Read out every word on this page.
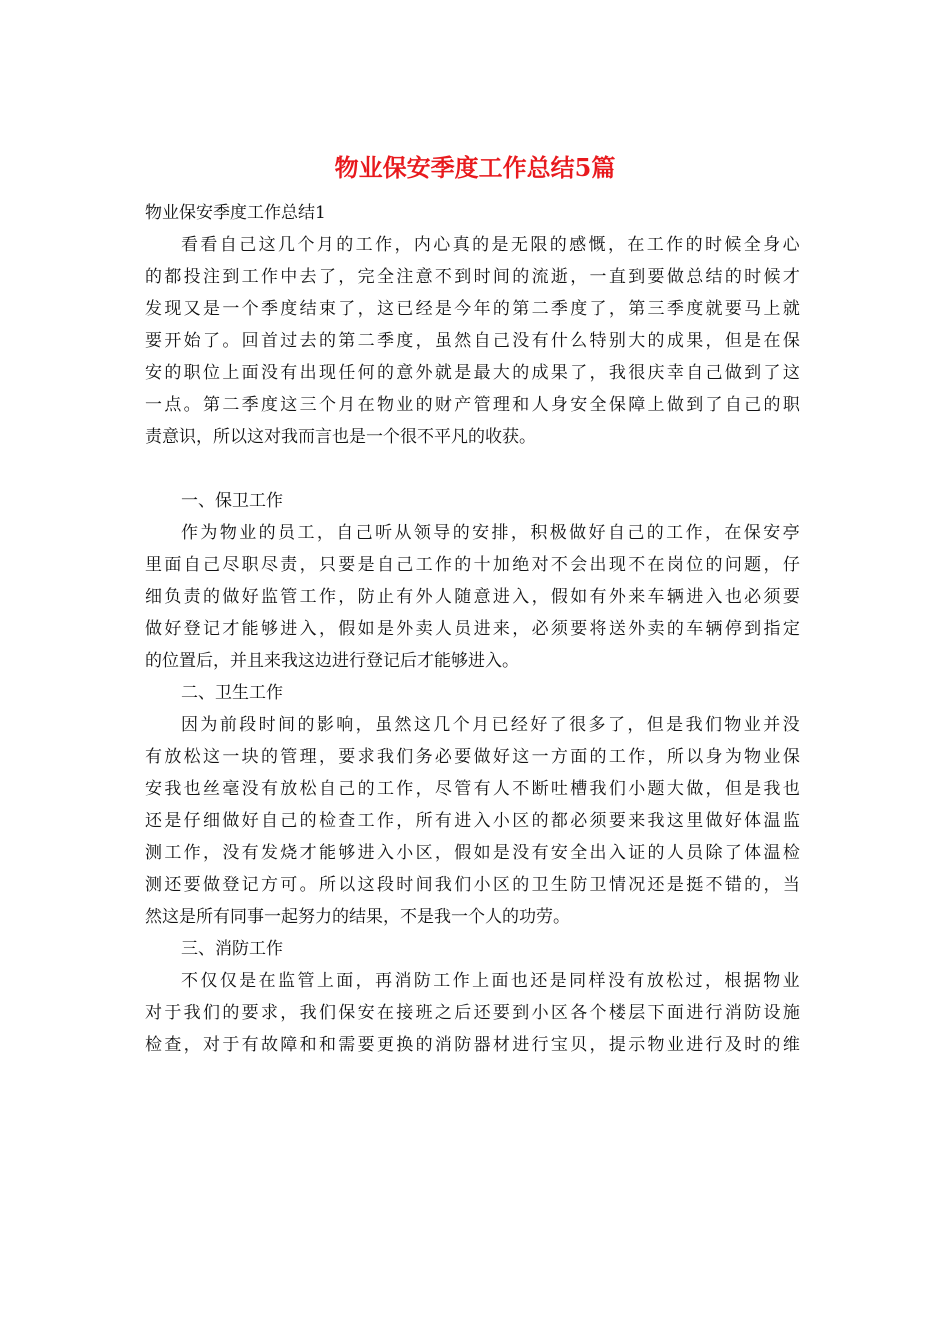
物业保安季度工作总结5篇
物业保安季度工作总结1
看 看 自 己 这 几 个 月 的 工 作 ， 内 心 真 的 是 无 限 的 感 慨 ， 在 工 作 的 时 候 全 身 心
的 都 投 注 到 工 作 中 去 了 ， 完 全 注 意 不 到 时 间 的 流 逝 ， 一 直 到 要 做 总 结 的 时 候 才
发 现 又 是 一 个 季 度 结 束 了 ， 这 已 经 是 今 年 的 第 二 季 度 了 ， 第 三 季 度 就 要 马 上 就
要 开 始 了 。 回 首 过 去 的 第 二 季 度 ， 虽 然 自 己 没 有 什 么 特 别 大 的 成 果 ， 但 是 在 保
安 的 职 位 上 面 没 有 出 现 任 何 的 意 外 就 是 最 大 的 成 果 了 ， 我 很 庆 幸 自 己 做 到 了 这
一 点 。 第 二 季 度 这 三 个 月 在 物 业 的 财 产 管 理 和 人 身 安 全 保 障 上 做 到 了 自 己 的 职
责意识，所以这对我而言也是一个很不平凡的收获。
一、保卫工作
作 为 物 业 的 员 工 ， 自 己 听 从 领 导 的 安 排 ， 积 极 做 好 自 己 的 工 作 ， 在 保 安 亭
里 面 自 己 尽 职 尽 责 ， 只 要 是 自 己 工 作 的 十 加 绝 对 不 会 出 现 不 在 岗 位 的 问 题 ， 仔
细 负 责 的 做 好 监 管 工 作 ， 防 止 有 外 人 随 意 进 入 ， 假 如 有 外 来 车 辆 进 入 也 必 须 要
做 好 登 记 才 能 够 进 入 ， 假 如 是 外 卖 人 员 进 来 ， 必 须 要 将 送 外 卖 的 车 辆 停 到 指 定
的位置后，并且来我这边进行登记后才能够进入。
二、卫生工作
因 为 前 段 时 间 的 影 响 ， 虽 然 这 几 个 月 已 经 好 了 很 多 了 ， 但 是 我 们 物 业 并 没
有 放 松 这 一 块 的 管 理 ， 要 求 我 们 务 必 要 做 好 这 一 方 面 的 工 作 ， 所 以 身 为 物 业 保
安 我 也 丝 毫 没 有 放 松 自 己 的 工 作 ， 尽 管 有 人 不 断 吐 槽 我 们 小 题 大 做 ， 但 是 我 也
还 是 仔 细 做 好 自 己 的 检 查 工 作 ， 所 有 进 入 小 区 的 都 必 须 要 来 我 这 里 做 好 体 温 监
测 工 作 ， 没 有 发 烧 才 能 够 进 入 小 区 ， 假 如 是 没 有 安 全 出 入 证 的 人 员 除 了 体 温 检
测 还 要 做 登 记 方 可 。 所 以 这 段 时 间 我 们 小 区 的 卫 生 防 卫 情 况 还 是 挺 不 错 的 ， 当
然这是所有同事一起努力的结果，不是我一个人的功劳。
三、消防工作
不 仅 仅 是 在 监 管 上 面 ， 再 消 防 工 作 上 面 也 还 是 同 样 没 有 放 松 过 ， 根 据 物 业
对 于 我 们 的 要 求 ， 我 们 保 安 在 接 班 之 后 还 要 到 小 区 各 个 楼 层 下 面 进 行 消 防 设 施
检 查 ， 对 于 有 故 障 和 和 需 要 更 换 的 消 防 器 材 进 行 宝 贝 ， 提 示 物 业 进 行 及 时 的 维
